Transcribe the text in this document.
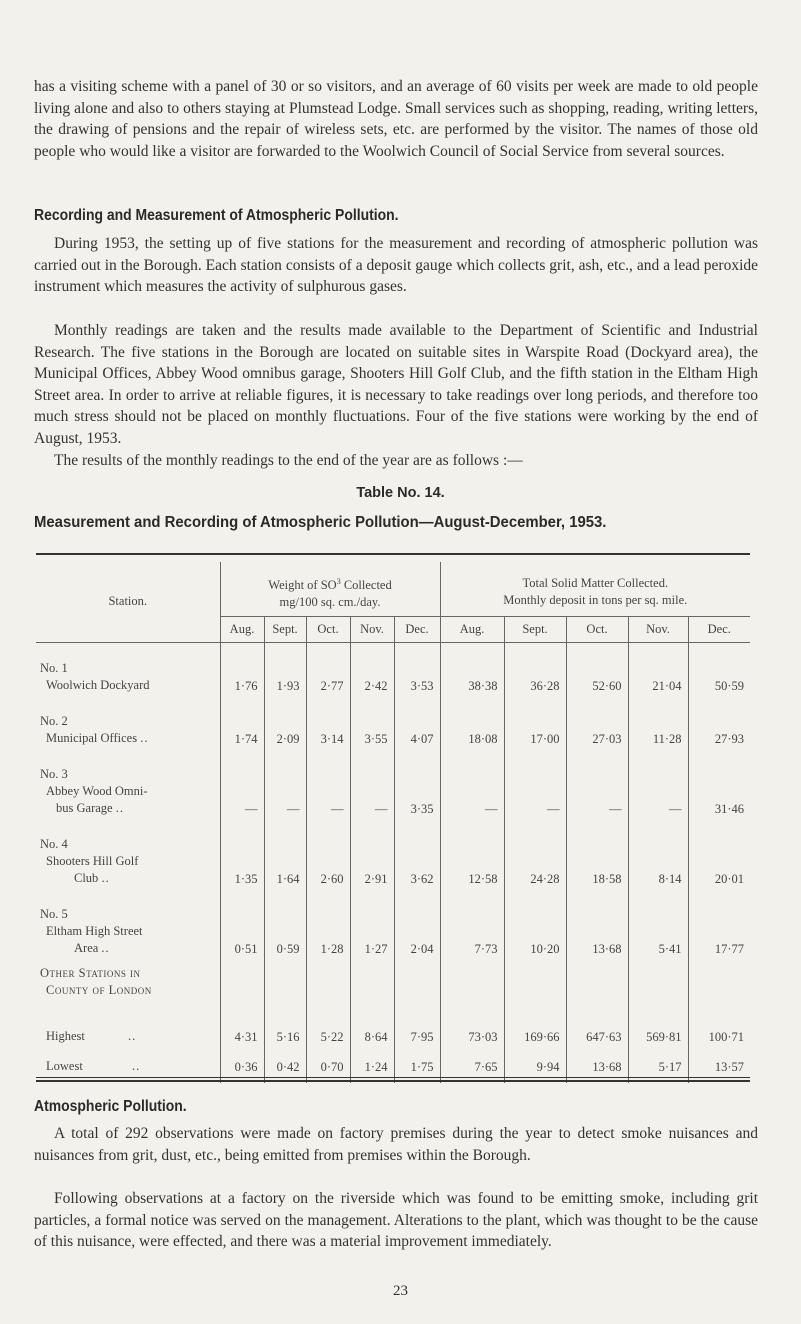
has a visiting scheme with a panel of 30 or so visitors, and an average of 60 visits per week are made to old people living alone and also to others staying at Plumstead Lodge. Small services such as shopping, reading, writing letters, the drawing of pensions and the repair of wireless sets, etc. are performed by the visitor. The names of those old people who would like a visitor are forwarded to the Woolwich Council of Social Service from several sources.

Recording and Measurement of Atmospheric Pollution.

During 1953, the setting up of five stations for the measurement and recording of atmospheric pollution was carried out in the Borough. Each station consists of a deposit gauge which collects grit, ash, etc., and a lead peroxide instrument which measures the activity of sulphurous gases.

Monthly readings are taken and the results made available to the Department of Scientific and Industrial Research. The five stations in the Borough are located on suitable sites in Warspite Road (Dockyard area), the Municipal Offices, Abbey Wood omnibus garage, Shooters Hill Golf Club, and the fifth station in the Eltham High Street area. In order to arrive at reliable figures, it is necessary to take readings over long periods, and therefore too much stress should not be placed on monthly fluctuations. Four of the five stations were working by the end of August, 1953.

The results of the monthly readings to the end of the year are as follows :—

Table No. 14.
Measurement and Recording of Atmospheric Pollution—August-December, 1953.
Station.	Weight of $SO^3$ Collected
mg/100 sq. cm./day.					Total Solid Matter Collected.
Monthly deposit in tons per sq. mile.				
	Aug.	Sept.	Oct.	Nov.	Dec.	Aug.	Sept.	Oct.	Nov.	Dec.
No. 1
Woolwich Dockyard	1·76	1·93	2·77	2·42	3·53	38·38	36·28	52·60	21·04	50·59
No. 2
Municipal Offices ..	1·74	2·09	3·14	3·55	4·07	18·08	17·00	27·03	11·28	27·93
No. 3
Abbey Wood Omni-
bus Garage ..	—	—	—	—	3·35	—	—	—	—	31·46
No. 4
Shooters Hill Golf
Club ..	1·35	1·64	2·60	2·91	3·62	12·58	24·28	18·58	8·14	20·01
No. 5
Eltham High Street
Area ..	0·51	0·59	1·28	1·27	2·04	7·73	10·20	13·68	5·41	17·77
Other Stations in
County of London										

Highest ..	4·31	5·16	5·22	8·64	7·95	73·03	169·66	647·63	569·81	100·71
Lowest ..	0·36	0·42	0·70	1·24	1·75	7·65	9·94	13·68	5·17	13·57
Atmospheric Pollution.

A total of 292 observations were made on factory premises during the year to detect smoke nuisances and nuisances from grit, dust, etc., being emitted from premises within the Borough.

Following observations at a factory on the riverside which was found to be emitting smoke, including grit particles, a formal notice was served on the management. Alterations to the plant, which was thought to be the cause of this nuisance, were effected, and there was a material improvement immediately.

23
